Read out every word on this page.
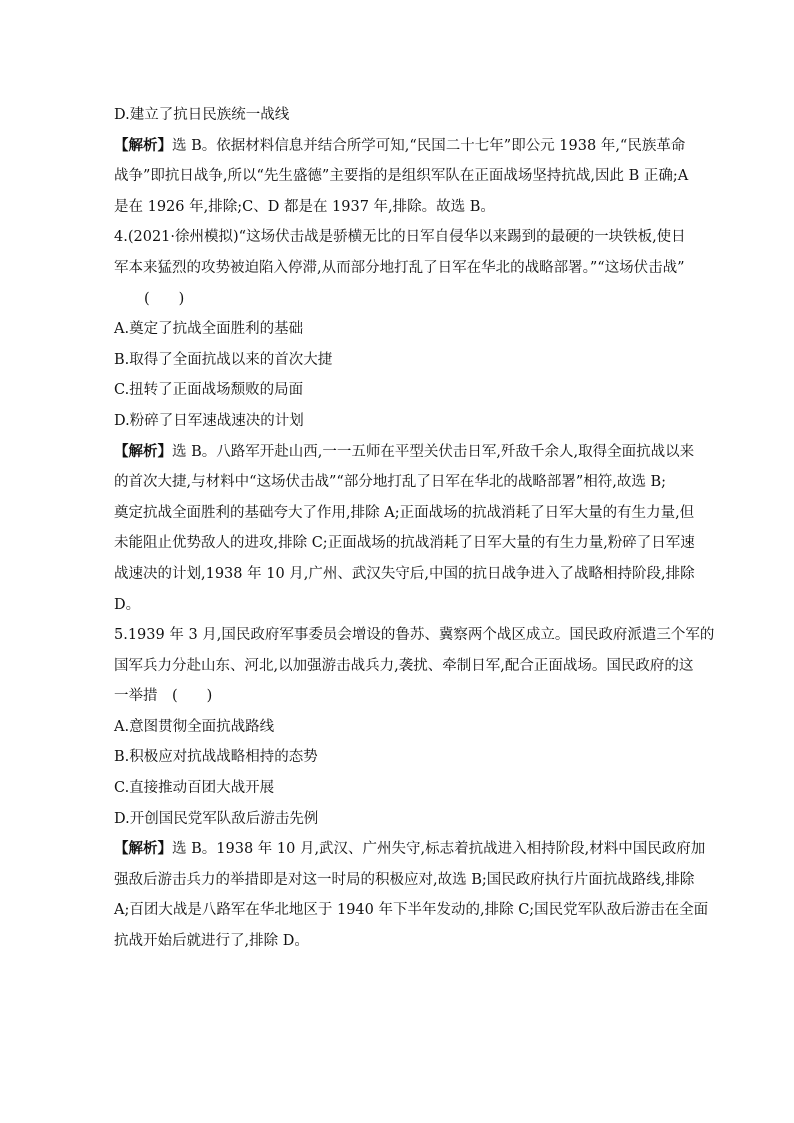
D.建立了抗日民族统一战线
【解析】选 B。依据材料信息并结合所学可知,“民国二十七年”即公元 1938 年,“民族革命
战争”即抗日战争,所以“先生盛德”主要指的是组织军队在正面战场坚持抗战,因此 B 正确;A
是在 1926 年,排除;C、D 都是在 1937 年,排除。故选 B。
4.(2021·徐州模拟)“这场伏击战是骄横无比的日军自侵华以来踢到的最硬的一块铁板,使日
军本来猛烈的攻势被迫陷入停滞,从而部分地打乱了日军在华北的战略部署。”“这场伏击战”
(　　)
A.奠定了抗战全面胜利的基础
B.取得了全面抗战以来的首次大捷
C.扭转了正面战场颓败的局面
D.粉碎了日军速战速决的计划
【解析】选 B。八路军开赴山西,一一五师在平型关伏击日军,歼敌千余人,取得全面抗战以来
的首次大捷,与材料中“这场伏击战”“部分地打乱了日军在华北的战略部署”相符,故选 B;
奠定抗战全面胜利的基础夸大了作用,排除 A;正面战场的抗战消耗了日军大量的有生力量,但
未能阻止优势敌人的进攻,排除 C;正面战场的抗战消耗了日军大量的有生力量,粉碎了日军速
战速决的计划,1938 年 10 月,广州、武汉失守后,中国的抗日战争进入了战略相持阶段,排除
D。
5.1939 年 3 月,国民政府军事委员会增设的鲁苏、冀察两个战区成立。国民政府派遣三个军的
国军兵力分赴山东、河北,以加强游击战兵力,袭扰、牵制日军,配合正面战场。国民政府的这
一举措　(　　)
A.意图贯彻全面抗战路线
B.积极应对抗战战略相持的态势
C.直接推动百团大战开展
D.开创国民党军队敌后游击先例
【解析】选 B。1938 年 10 月,武汉、广州失守,标志着抗战进入相持阶段,材料中国民政府加
强敌后游击兵力的举措即是对这一时局的积极应对,故选 B;国民政府执行片面抗战路线,排除
A;百团大战是八路军在华北地区于 1940 年下半年发动的,排除 C;国民党军队敌后游击在全面
抗战开始后就进行了,排除 D。
